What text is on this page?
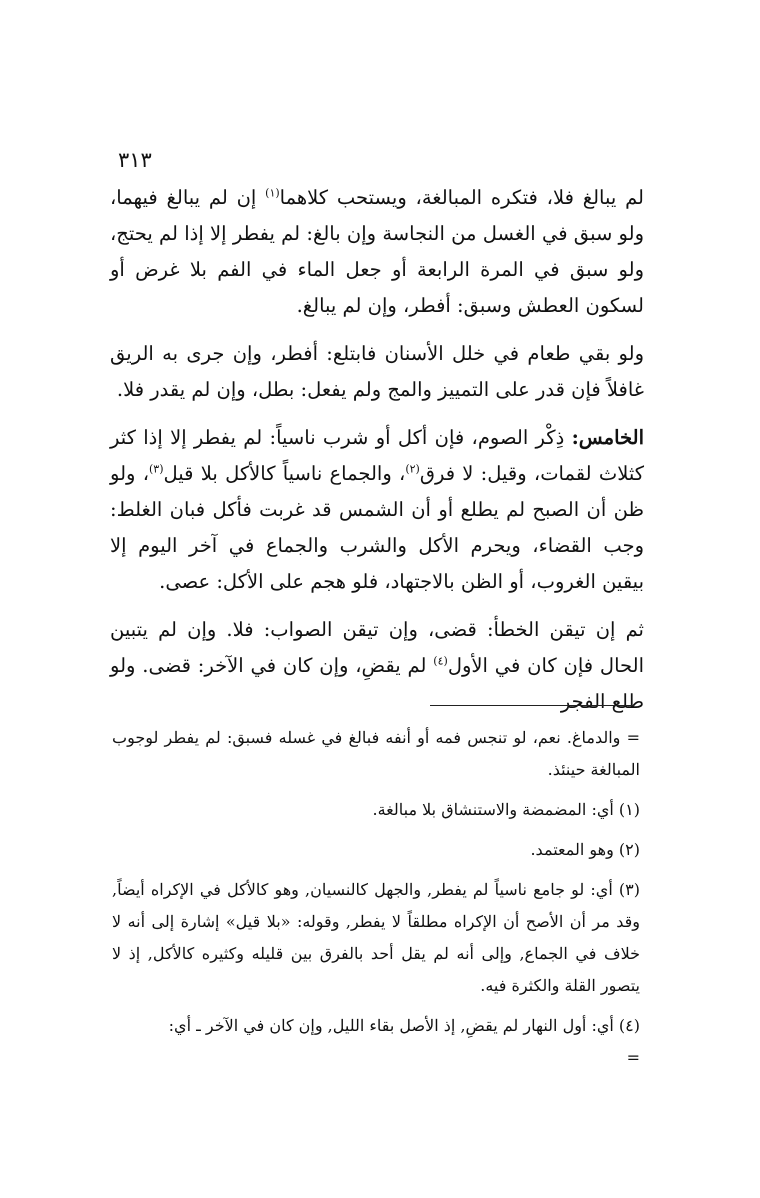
٣١٣

لم يبالغ فلا، فتكره المبالغة، ويستحب كلاهما$^{(١)}$ إن لم يبالغ فيهما، ولو سبق في الغسل من النجاسة وإن بالغ: لم يفطر إلا إذا لم يحتج، ولو سبق في المرة الرابعة أو جعل الماء في الفم بلا غرض أو لسكون العطش وسبق: أفطر، وإن لم يبالغ.

ولو بقي طعام في خلل الأسنان فابتلع: أفطر، وإن جرى به الريق غافلاً فإن قدر على التمييز والمج ولم يفعل: بطل، وإن لم يقدر فلا.

الخامس: ذِكْر الصوم، فإن أكل أو شرب ناسياً: لم يفطر إلا إذا كثر كثلاث لقمات، وقيل: لا فرق$^{(٢)}$، والجماع ناسياً كالأكل بلا قيل$^{(٣)}$، ولو ظن أن الصبح لم يطلع أو أن الشمس قد غربت فأكل فبان الغلط: وجب القضاء، ويحرم الأكل والشرب والجماع في آخر اليوم إلا بيقين الغروب، أو الظن بالاجتهاد، فلو هجم على الأكل: عصى.

ثم إن تيقن الخطأ: قضى، وإن تيقن الصواب: فلا. وإن لم يتبين الحال فإن كان في الأول$^{(٤)}$ لم يقضِ، وإن كان في الآخر: قضى. ولو طلع الفجر

= والدماغ. نعم، لو تنجس فمه أو أنفه فبالغ في غسله فسبق: لم يفطر لوجوب المبالغة حينئذ.

(١) أي: المضمضة والاستنشاق بلا مبالغة.

(٢) وهو المعتمد.

(٣) أي: لو جامع ناسياً لم يفطر, والجهل كالنسيان, وهو كالأكل في الإكراه أيضاً, وقد مر أن الأصح أن الإكراه مطلقاً لا يفطر, وقوله: «بلا قيل» إشارة إلى أنه لا خلاف في الجماع, وإلى أنه لم يقل أحد بالفرق بين قليله وكثيره كالأكل, إذ لا يتصور القلة والكثرة فيه.

(٤) أي: أول النهار لم يقضِ, إذ الأصل بقاء الليل, وإن كان في الآخر ـ أي:
=
